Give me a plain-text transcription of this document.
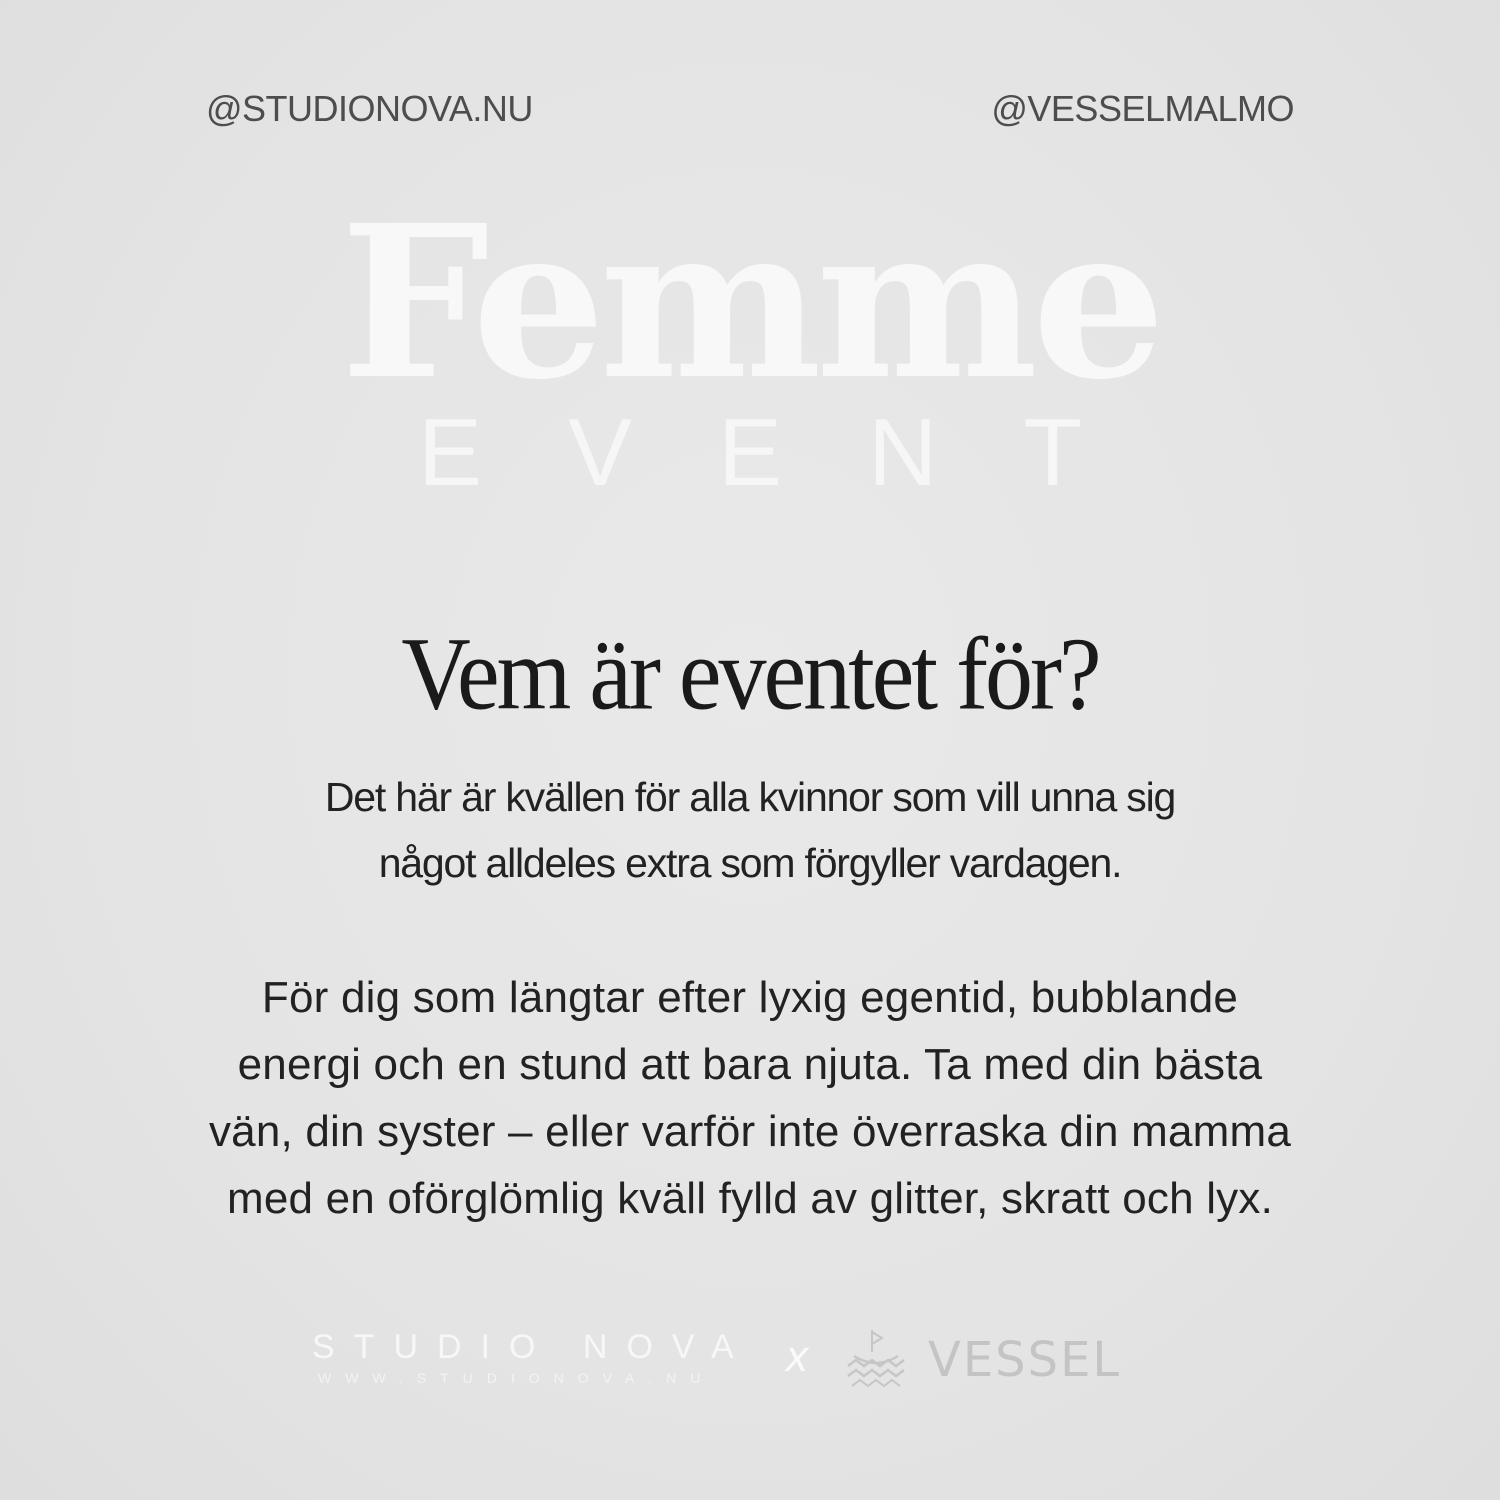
@STUDIONOVA.NU	@VESSELMALMO
Femme
EVENT
Vem är eventet för?
Det här är kvällen för alla kvinnor som vill unna sig
något alldeles extra som förgyller vardagen.
För dig som längtar efter lyxig egentid, bubblande
energi och en stund att bara njuta. Ta med din bästa
vän, din syster – eller varför inte överraska din mamma
med en oförglömlig kväll fylld av glitter, skratt och lyx.
STUDIO NOVA
WWW.STUDIONOVA.NU x	VESSEL
